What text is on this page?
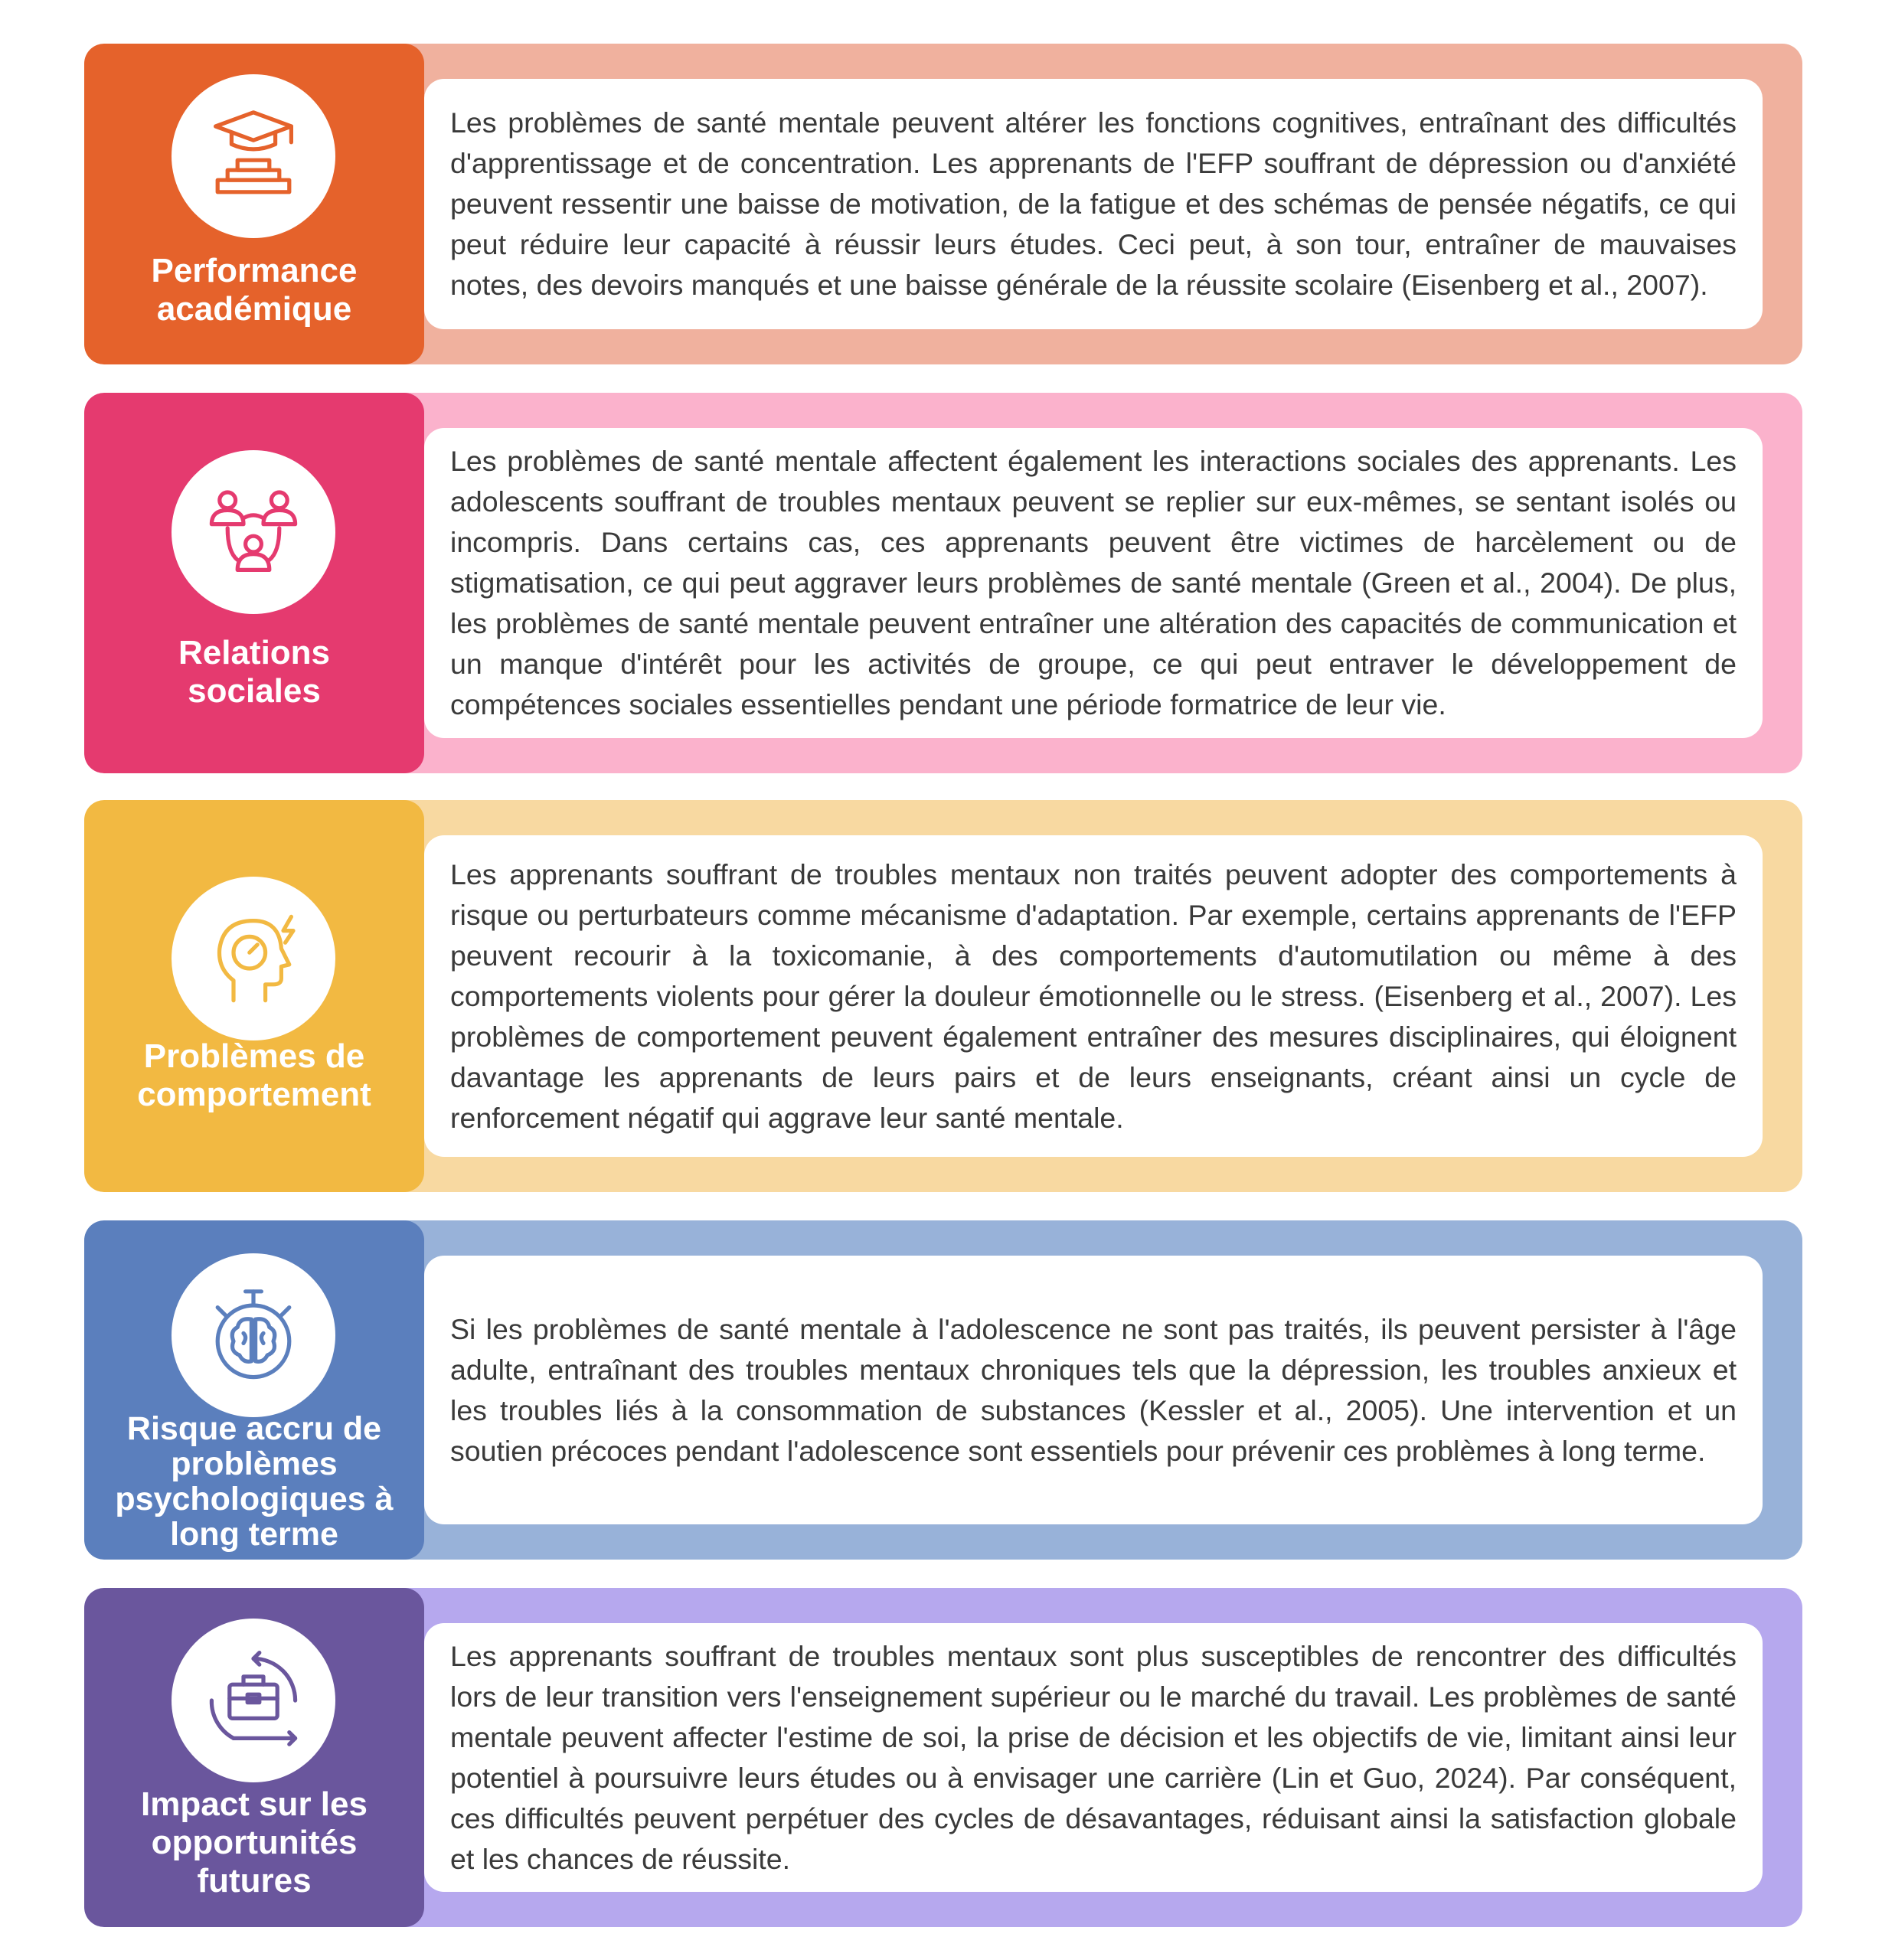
Performance
académique

Les problèmes de santé mentale peuvent altérer les fonctions cognitives, entraînant des difficultés d'apprentissage et de concentration. Les apprenants de l'EFP souffrant de dépression ou d'anxiété peuvent ressentir une baisse de motivation, de la fatigue et des schémas de pensée négatifs, ce qui peut réduire leur capacité à réussir leurs études. Ceci peut, à son tour, entraîner de mauvaises notes, des devoirs manqués et une baisse générale de la réussite scolaire (Eisenberg et al., 2007).

Relations
sociales

Les problèmes de santé mentale affectent également les interactions sociales des apprenants. Les adolescents souffrant de troubles mentaux peuvent se replier sur eux-mêmes, se sentant isolés ou incompris. Dans certains cas, ces apprenants peuvent être victimes de harcèlement ou de stigmatisation, ce qui peut aggraver leurs problèmes de santé mentale (Green et al., 2004). De plus, les problèmes de santé mentale peuvent entraîner une altération des capacités de communication et un manque d'intérêt pour les activités de groupe, ce qui peut entraver le développement de compétences sociales essentielles pendant une période formatrice de leur vie.

Problèmes de
comportement

Les apprenants souffrant de troubles mentaux non traités peuvent adopter des comportements à risque ou perturbateurs comme mécanisme d'adaptation. Par exemple, certains apprenants de l'EFP peuvent recourir à la toxicomanie, à des comportements d'automutilation ou même à des comportements violents pour gérer la douleur émotionnelle ou le stress. (Eisenberg et al., 2007). Les problèmes de comportement peuvent également entraîner des mesures disciplinaires, qui éloignent davantage les apprenants de leurs pairs et de leurs enseignants, créant ainsi un cycle de renforcement négatif qui aggrave leur santé mentale.

Risque accru de
problèmes
psychologiques à
long terme

Si les problèmes de santé mentale à l'adolescence ne sont pas traités, ils peuvent persister à l'âge adulte, entraînant des troubles mentaux chroniques tels que la dépression, les troubles anxieux et les troubles liés à la consommation de substances (Kessler et al., 2005). Une intervention et un soutien précoces pendant l'adolescence sont essentiels pour prévenir ces problèmes à long terme.

Impact sur les
opportunités
futures

Les apprenants souffrant de troubles mentaux sont plus susceptibles de rencontrer des difficultés lors de leur transition vers l'enseignement supérieur ou le marché du travail. Les problèmes de santé mentale peuvent affecter l'estime de soi, la prise de décision et les objectifs de vie, limitant ainsi leur potentiel à poursuivre leurs études ou à envisager une carrière (Lin et Guo, 2024). Par conséquent, ces difficultés peuvent perpétuer des cycles de désavantages, réduisant ainsi la satisfaction globale et les chances de réussite.
